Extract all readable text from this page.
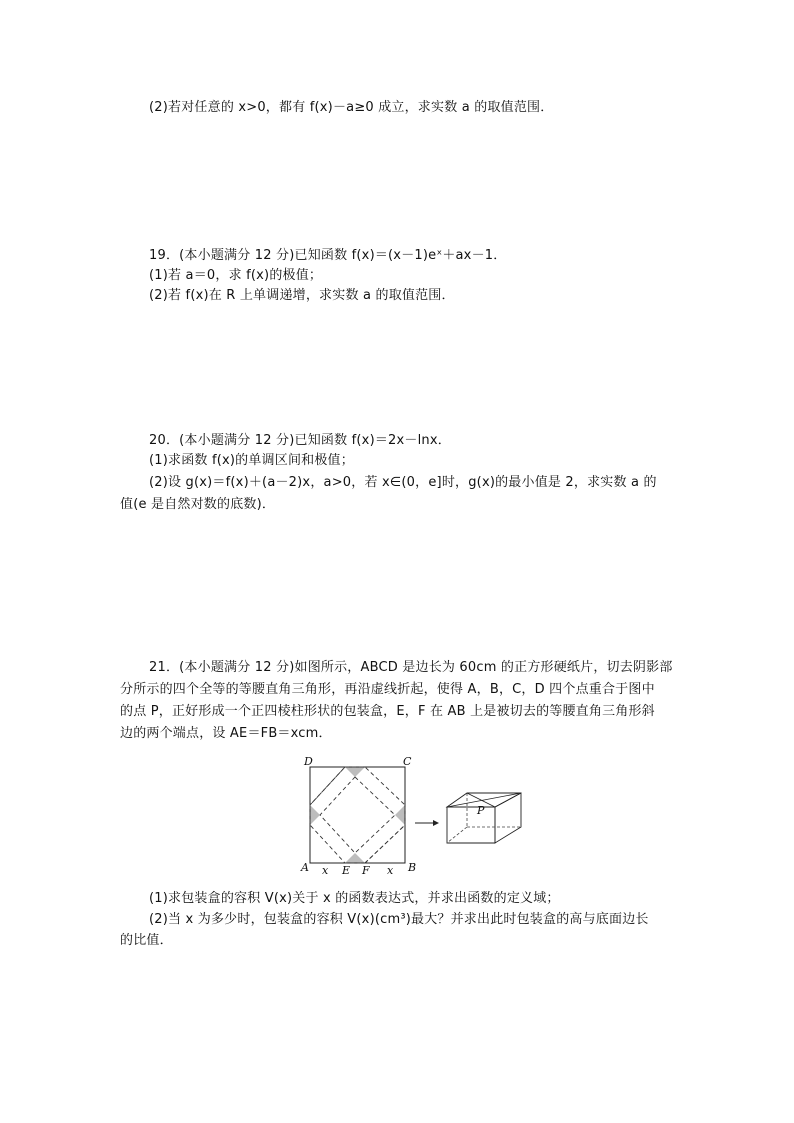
(2)若对任意的 x>0，都有 f(x)－a≥0 成立，求实数 a 的取值范围．
19．(本小题满分 12 分)已知函数 f(x)＝(x－1)eˣ＋ax－1．
(1)若 a＝0，求 f(x)的极值；
(2)若 f(x)在 R 上单调递增，求实数 a 的取值范围．
20．(本小题满分 12 分)已知函数 f(x)＝2x－lnx．
(1)求函数 f(x)的单调区间和极值；
(2)设 g(x)＝f(x)＋(a－2)x，a>0，若 x∈(0，e]时，g(x)的最小值是 2，求实数 a 的
值(e 是自然对数的底数)．
21．(本小题满分 12 分)如图所示，ABCD 是边长为 60cm 的正方形硬纸片，切去阴影部
分所示的四个全等的等腰直角三角形，再沿虚线折起，使得 A，B，C，D 四个点重合于图中
的点 P，正好形成一个正四棱柱形状的包装盒，E，F 在 AB 上是被切去的等腰直角三角形斜
边的两个端点，设 AE＝FB＝xcm．
D	C
A	B
x E F x
P
(1)求包装盒的容积 V(x)关于 x 的函数表达式，并求出函数的定义域；
(2)当 x 为多少时，包装盒的容积 V(x)(cm³)最大？并求出此时包装盒的高与底面边长
的比值．
